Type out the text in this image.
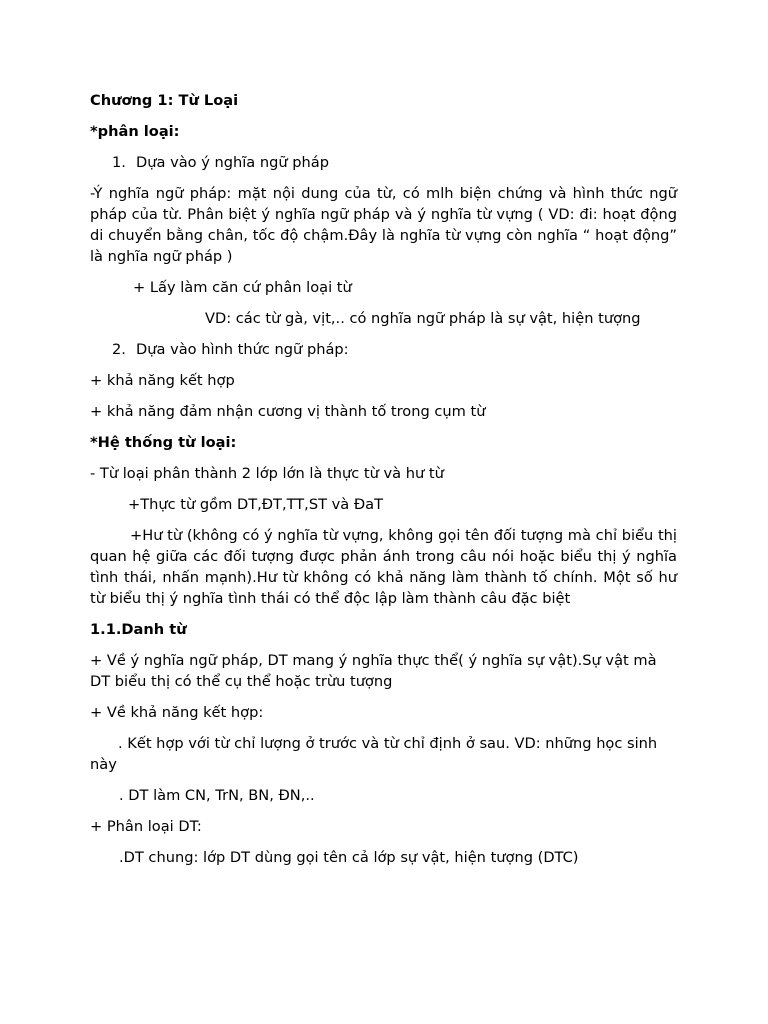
Chương 1: Từ Loại

*phân loại:

1. Dựa vào ý nghĩa ngữ pháp

-Ý nghĩa ngữ pháp: mặt nội dung của từ, có mlh biện chứng và hình thức ngữ pháp của từ. Phân biệt ý nghĩa ngữ pháp và ý nghĩa từ vựng ( VD: đi: hoạt động di chuyển bằng chân, tốc độ chậm.Đây là nghĩa từ vựng còn nghĩa “ hoạt động” là nghĩa ngữ pháp )

+ Lấy làm căn cứ phân loại từ

VD: các từ gà, vịt,.. có nghĩa ngữ pháp là sự vật, hiện tượng

2. Dựa vào hình thức ngữ pháp:

+ khả năng kết hợp

+ khả năng đảm nhận cương vị thành tố trong cụm từ

*Hệ thống từ loại:

- Từ loại phân thành 2 lớp lớn là thực từ và hư từ

+Thực từ gồm DT,ĐT,TT,ST và ĐaT

+Hư từ (không có ý nghĩa từ vựng, không gọi tên đối tượng mà chỉ biểu thị quan hệ giữa các đối tượng được phản ánh trong câu nói hoặc biểu thị ý nghĩa tình thái, nhấn mạnh).Hư từ không có khả năng làm thành tố chính. Một số hư từ biểu thị ý nghĩa tình thái có thể độc lập làm thành câu đặc biệt

1.1.Danh từ

+ Về ý nghĩa ngữ pháp, DT mang ý nghĩa thực thể( ý nghĩa sự vật).Sự vật mà DT biểu thị có thể cụ thể hoặc trừu tượng

+ Về khả năng kết hợp:

. Kết hợp với từ chỉ lượng ở trước và từ chỉ định ở sau. VD: những học sinh này

. DT làm CN, TrN, BN, ĐN,..

+ Phân loại DT:

.DT chung: lớp DT dùng gọi tên cả lớp sự vật, hiện tượng (DTC)
